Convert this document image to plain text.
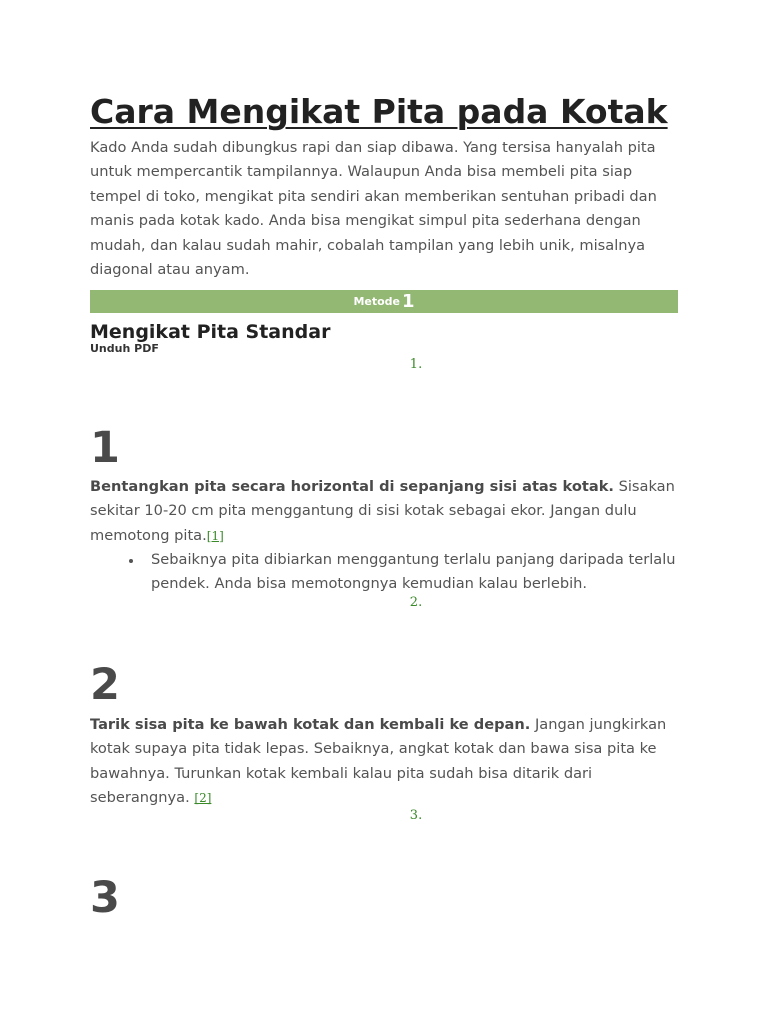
Cara Mengikat Pita pada Kotak

Kado Anda sudah dibungkus rapi dan siap dibawa. Yang tersisa hanyalah pita untuk mempercantik tampilannya. Walaupun Anda bisa membeli pita siap tempel di toko, mengikat pita sendiri akan memberikan sentuhan pribadi dan manis pada kotak kado. Anda bisa mengikat simpul pita sederhana dengan mudah, dan kalau sudah mahir, cobalah tampilan yang lebih unik, misalnya diagonal atau anyam.

Metode 1
Mengikat Pita Standar
Unduh PDF
1.
1

Bentangkan pita secara horizontal di sepanjang sisi atas kotak. Sisakan sekitar 10-20 cm pita menggantung di sisi kotak sebagai ekor. Jangan dulu memotong pita.[1]

Sebaiknya pita dibiarkan menggantung terlalu panjang daripada terlalu pendek. Anda bisa memotongnya kemudian kalau berlebih.
2.
2

Tarik sisa pita ke bawah kotak dan kembali ke depan. Jangan jungkirkan kotak supaya pita tidak lepas. Sebaiknya, angkat kotak dan bawa sisa pita ke bawahnya. Turunkan kotak kembali kalau pita sudah bisa ditarik dari seberangnya. [2]

3.
3
